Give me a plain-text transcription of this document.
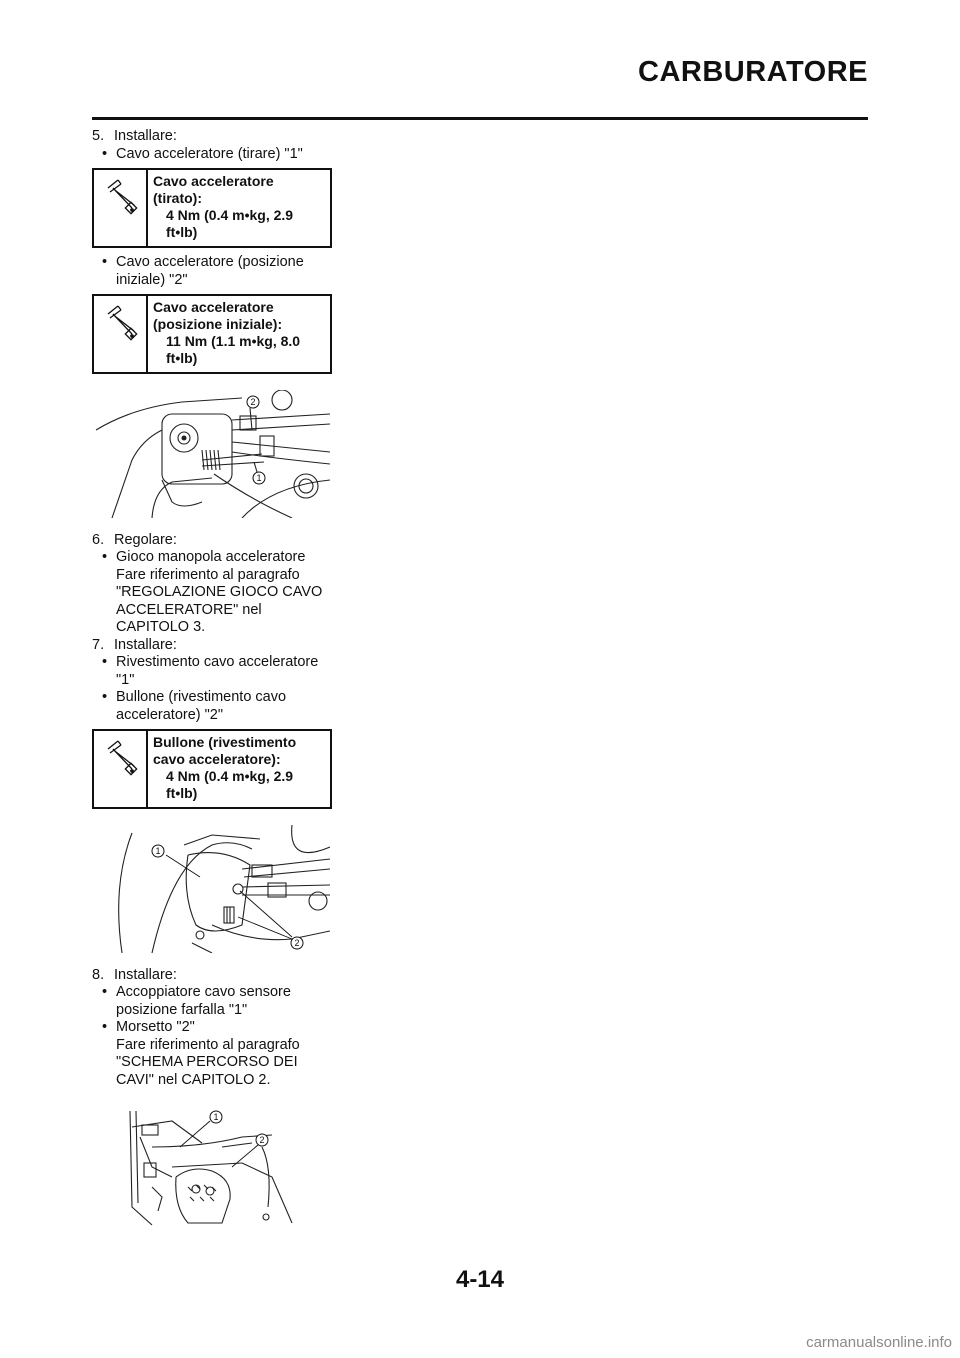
CARBURATORE

5. Installare:

• Cavo acceleratore (tirare) "1"

Cavo acceleratore (tirato):
4 Nm (0.4 m•kg, 2.9 ft•lb)

• Cavo acceleratore (posizione iniziale) "2"

Cavo acceleratore (posizione iniziale):
11 Nm (1.1 m•kg, 8.0 ft•lb)
2
1

6. Regolare:

• Gioco manopola acceleratore

Fare riferimento al paragrafo "REGOLAZIONE GIOCO CAVO ACCELERATORE" nel CAPITOLO 3.

7. Installare:

• Rivestimento cavo acceleratore "1"

• Bullone (rivestimento cavo acceleratore) "2"

Bullone (rivestimento cavo acceleratore):
4 Nm (0.4 m•kg, 2.9 ft•lb)
1
2

8. Installare:

• Accoppiatore cavo sensore posizione farfalla "1"

• Morsetto "2"

Fare riferimento al paragrafo "SCHEMA PERCORSO DEI CAVI" nel CAPITOLO 2.

1
2

4-14

carmanualsonline.info
